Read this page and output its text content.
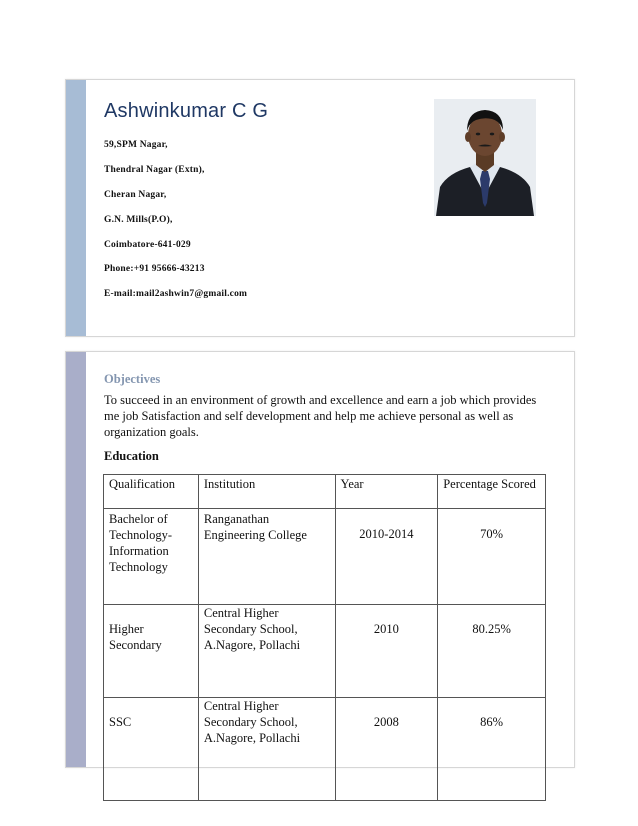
Ashwinkumar C G

59,SPM Nagar,

Thendral Nagar (Extn),

Cheran Nagar,

G.N. Mills(P.O),

Coimbatore-641-029

Phone:+91 95666-43213

E-mail:mail2ashwin7@gmail.com

Objectives

To succeed in an environment of growth and excellence and earn a job which provides me job Satisfaction and self development and help me achieve personal as well as organization goals.

Education
Qualification	Institution	Year	Percentage Scored
Bachelor of Technology-Information Technology	Ranganathan Engineering College	2010-2014	70%
Higher Secondary	Central Higher Secondary School, A.Nagore, Pollachi	2010	80.25%
SSC	Central Higher Secondary School, A.Nagore, Pollachi	2008	86%
